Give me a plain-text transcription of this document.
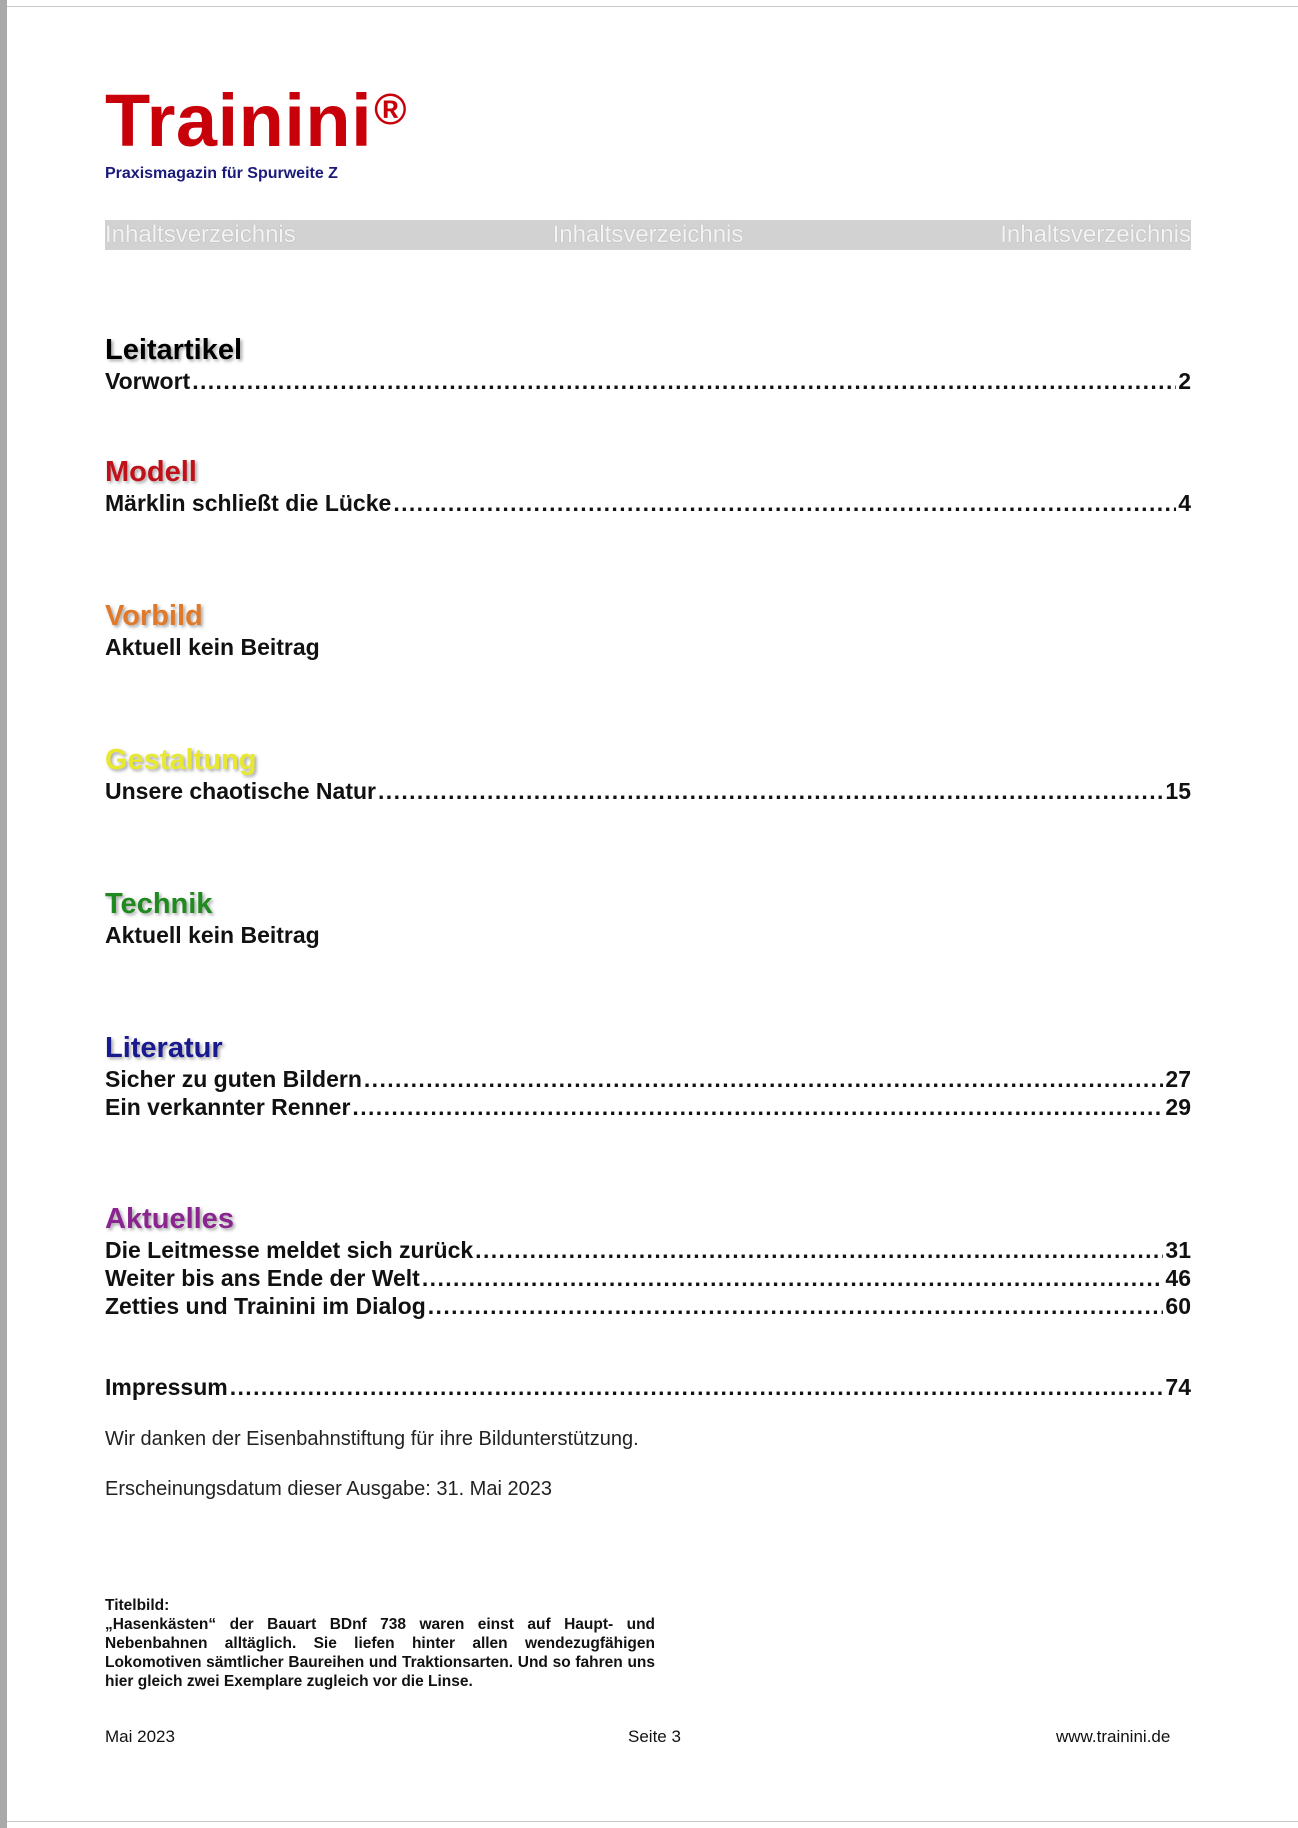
Trainini®
Praxismagazin für Spurweite Z
Inhaltsverzeichnis	Inhaltsverzeichnis	Inhaltsverzeichnis
Leitartikel
Vorwort .....	2
Modell
Märklin schließt die Lücke .....	4
Vorbild
Aktuell kein Beitrag
Gestaltung
Unsere chaotische Natur .....	15
Technik
Aktuell kein Beitrag
Literatur
Sicher zu guten Bildern .....	27
Ein verkannter Renner .....	29
Aktuelles
Die Leitmesse meldet sich zurück .....	31
Weiter bis ans Ende der Welt .....	46
Zetties und Trainini im Dialog .....	60
Impressum .....	74
Wir danken der Eisenbahnstiftung für ihre Bildunterstützung.
Erscheinungsdatum dieser Ausgabe: 31. Mai 2023
Titelbild:
„Hasenkästen“ der Bauart BDnf 738 waren einst auf Haupt- und Nebenbahnen alltäglich. Sie liefen hinter allen wendezugfähigen Lokomotiven sämtlicher Baureihen und Traktionsarten. Und so fahren uns hier gleich zwei Exemplare zugleich vor die Linse.
Mai 2023	Seite 3	www.trainini.de
